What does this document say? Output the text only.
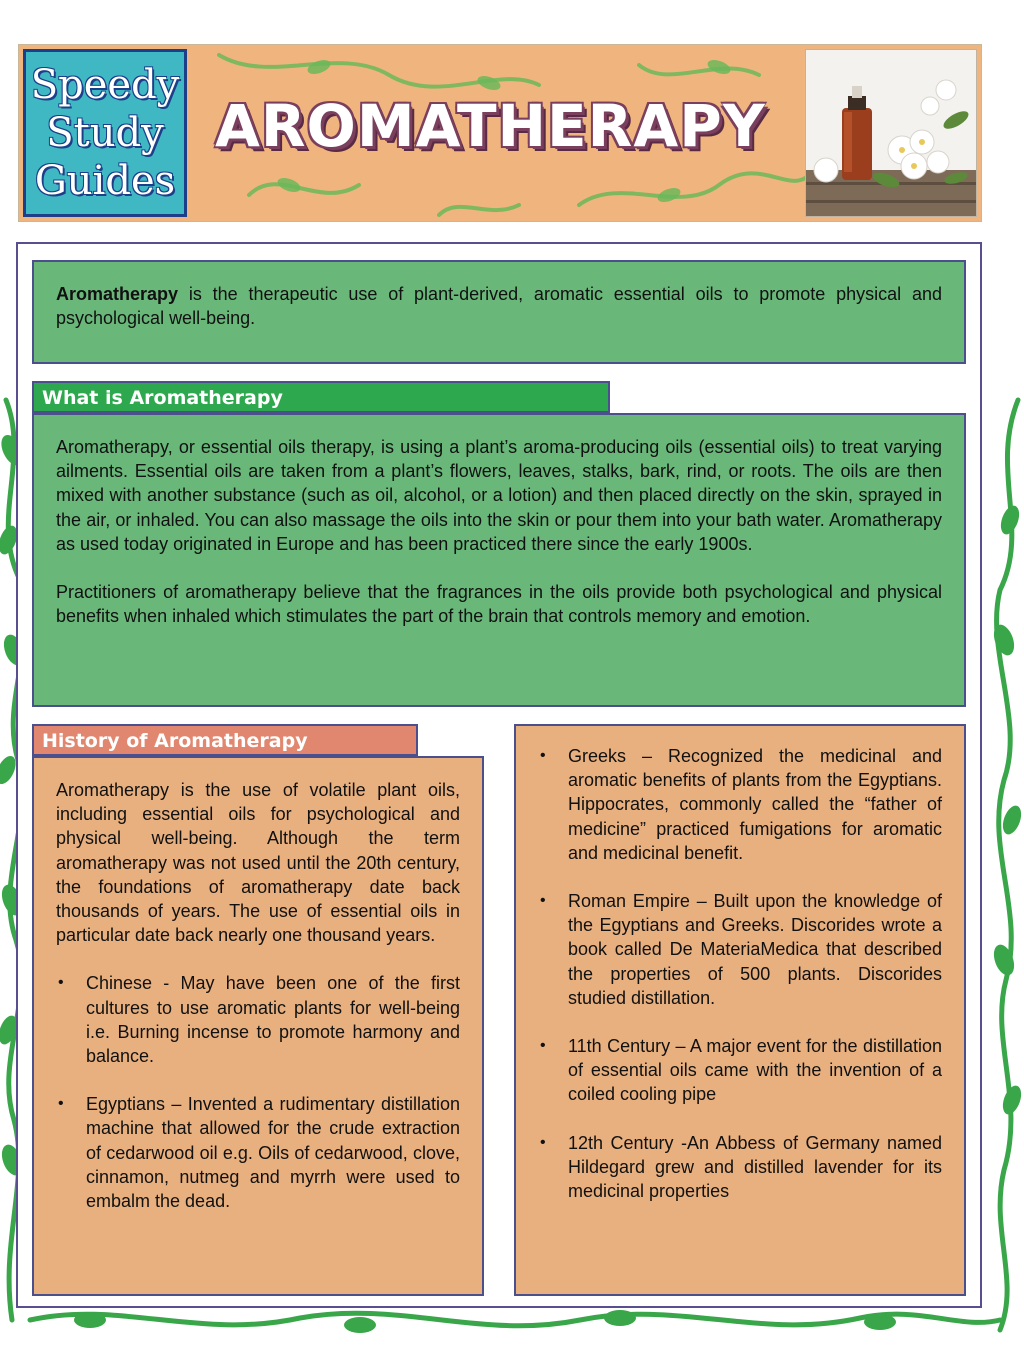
Speedy
Study
Guides
AROMATHERAPY
Aromatherapy is the therapeutic use of plant-derived, aromatic essential oils to promote physical and psychological well-being.
What is Aromatherapy

Aromatherapy, or essential oils therapy, is using a plant’s aroma-producing oils (essential oils) to treat varying ailments. Essential oils are taken from a plant’s flowers, leaves, stalks, bark, rind, or roots. The oils are then mixed with another substance (such as oil, alcohol, or a lotion) and then placed directly on the skin, sprayed in the air, or inhaled. You can also massage the oils into the skin or pour them into your bath water. Aromatherapy as used today originated in Europe and has been practiced there since the early 1900s.

Practitioners of aromatherapy believe that the fragrances in the oils provide both psychological and physical benefits when inhaled which stimulates the part of the brain that controls memory and emotion.

History of Aromatherapy

Aromatherapy is the use of volatile plant oils, including essential oils for psychological and physical well-being. Although the term aromatherapy was not used until the 20th century, the foundations of aromatherapy date back thousands of years. The use of essential oils in particular date back nearly one thousand years.

• Chinese - May have been one of the first cultures to use aromatic plants for well-being i.e. Burning incense to promote harmony and balance.
• Egyptians – Invented a rudimentary distillation machine that allowed for the crude extraction of cedarwood oil e.g. Oils of cedarwood, clove, cinnamon, nutmeg and myrrh were used to embalm the dead.
• Greeks – Recognized the medicinal and aromatic benefits of plants from the Egyptians. Hippocrates, commonly called the “father of medicine” practiced fumigations for aromatic and medicinal benefit.
• Roman Empire – Built upon the knowledge of the Egyptians and Greeks. Discorides wrote a book called De MateriaMedica that described the properties of 500 plants. Discorides studied distillation.
• 11th Century – A major event for the distillation of essential oils came with the invention of a coiled cooling pipe
• 12th Century -An Abbess of Germany named Hildegard grew and distilled lavender for its medicinal properties
